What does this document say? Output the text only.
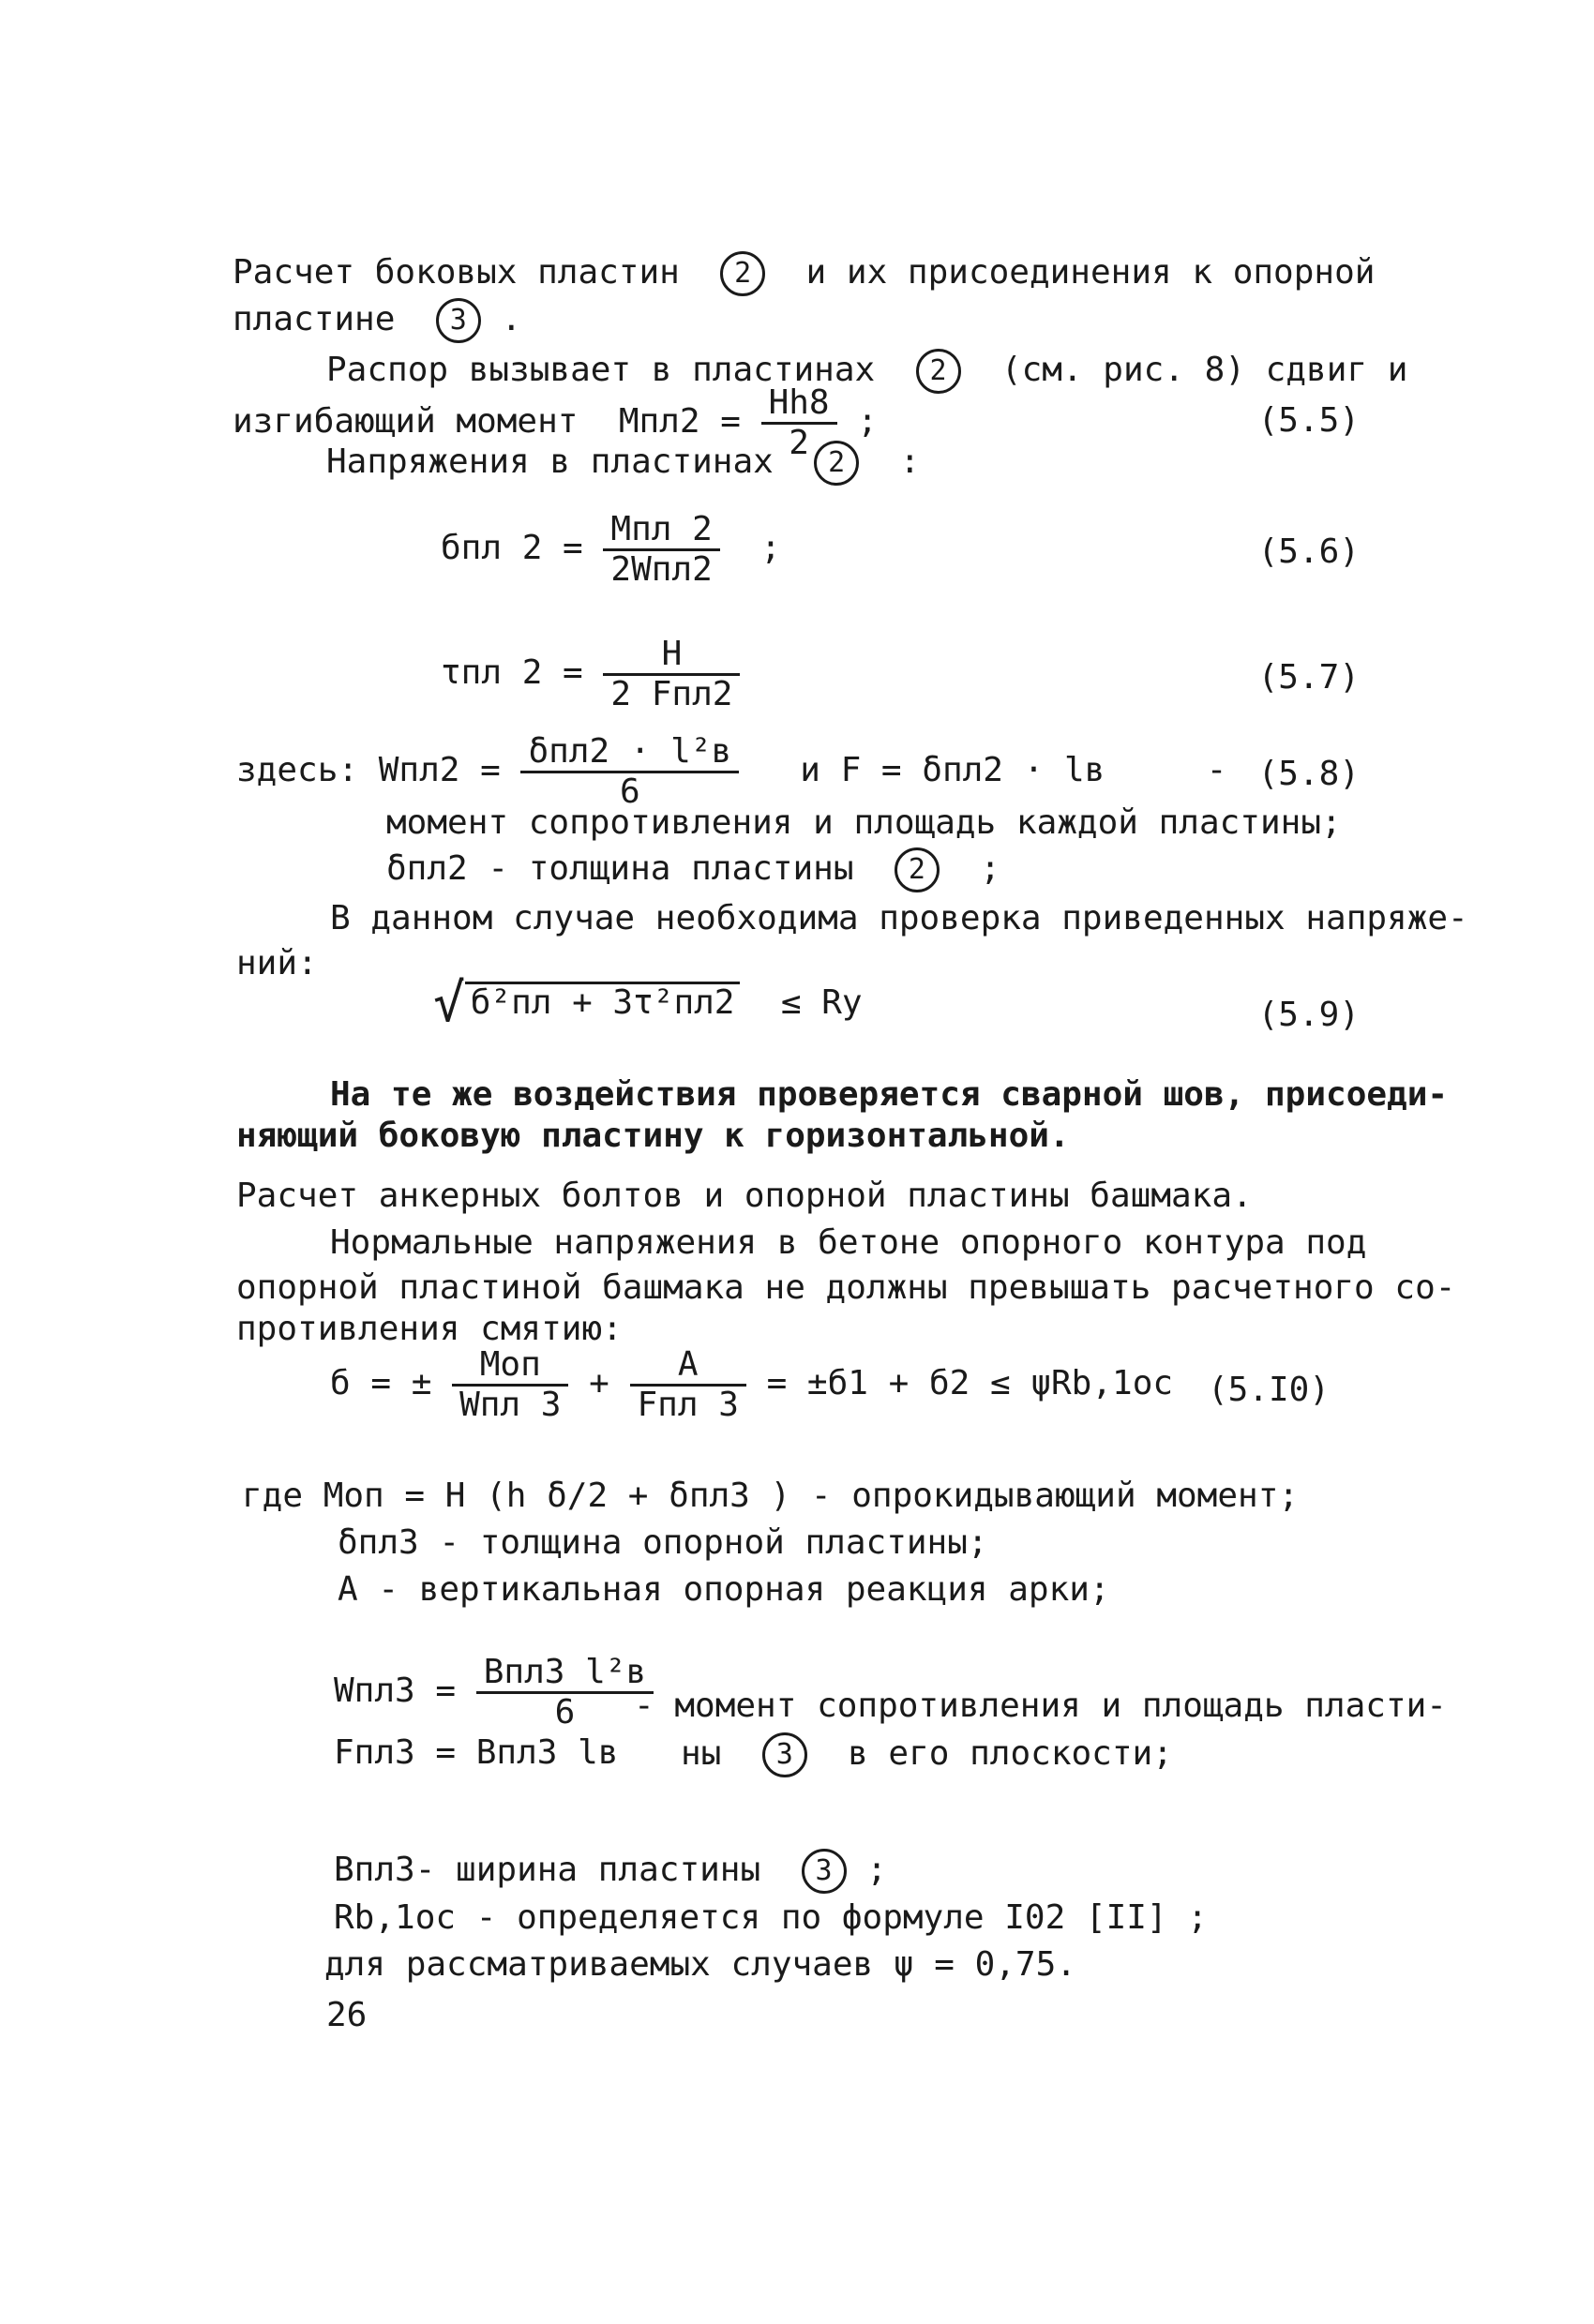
Расчет боковых пластин 2 и их присоединения к опорной
пластине 3 .
Распор вызывает в пластинах 2 (см. рис. 8) сдвиг и
изгибающий момент $Mпл2 = \frac{Hh8}{2}$ ;	(5.5)
Напряжения в пластинах 2 :
бпл $2 = \frac{\text{Mпл 2}}{\text{2Wпл2}}$ ;	(5.6)
τпл $2 = \frac{H}{\text{2 Fпл2}}$	(5.7)
здесь: $Wпл2 = \frac{\text{δпл2 · l²в}}{6}$ и F = δпл2 · lв	- (5.8)
момент сопротивления и площадь каждой пластины;
δпл2 - толщина пластины 2 ;
В данном случае необходима проверка приведенных напряже-
ний:
√ б²пл + 3τ²пл2 ≤ Ry	(5.9)
На те же воздействия проверяется сварной шов, присоеди-
няющий боковую пластину к горизонтальной.
Расчет анкерных болтов и опорной пластины башмака.
Нормальные напряжения в бетоне опорного контура под
опорной пластиной башмака не должны превышать расчетного со-
противления смятию:
б = ± $\frac{\text{Mоп}}{\text{Wпл 3}} + \frac{A}{\text{Fпл 3}} = \pm б1 + б2 \le \psi Rb,1oc$ (5.I0)
где Mоп = H (h δ/2 + δпл3 ) - опрокидывающий момент;
δпл3 - толщина опорной пластины;
A - вертикальная опорная реакция арки;
$Wпл3 = \frac{\text{Bпл3 l²в}}{6}$
Fпл3 = Bпл3 lв
- момент сопротивления и площадь пласти-
ны 3 в его плоскости;
Bпл3- ширина пластины 3 ;
Rb,1oc - определяется по формуле I02 [II] ;
для рассматриваемых случаев ψ = 0,75.
26
